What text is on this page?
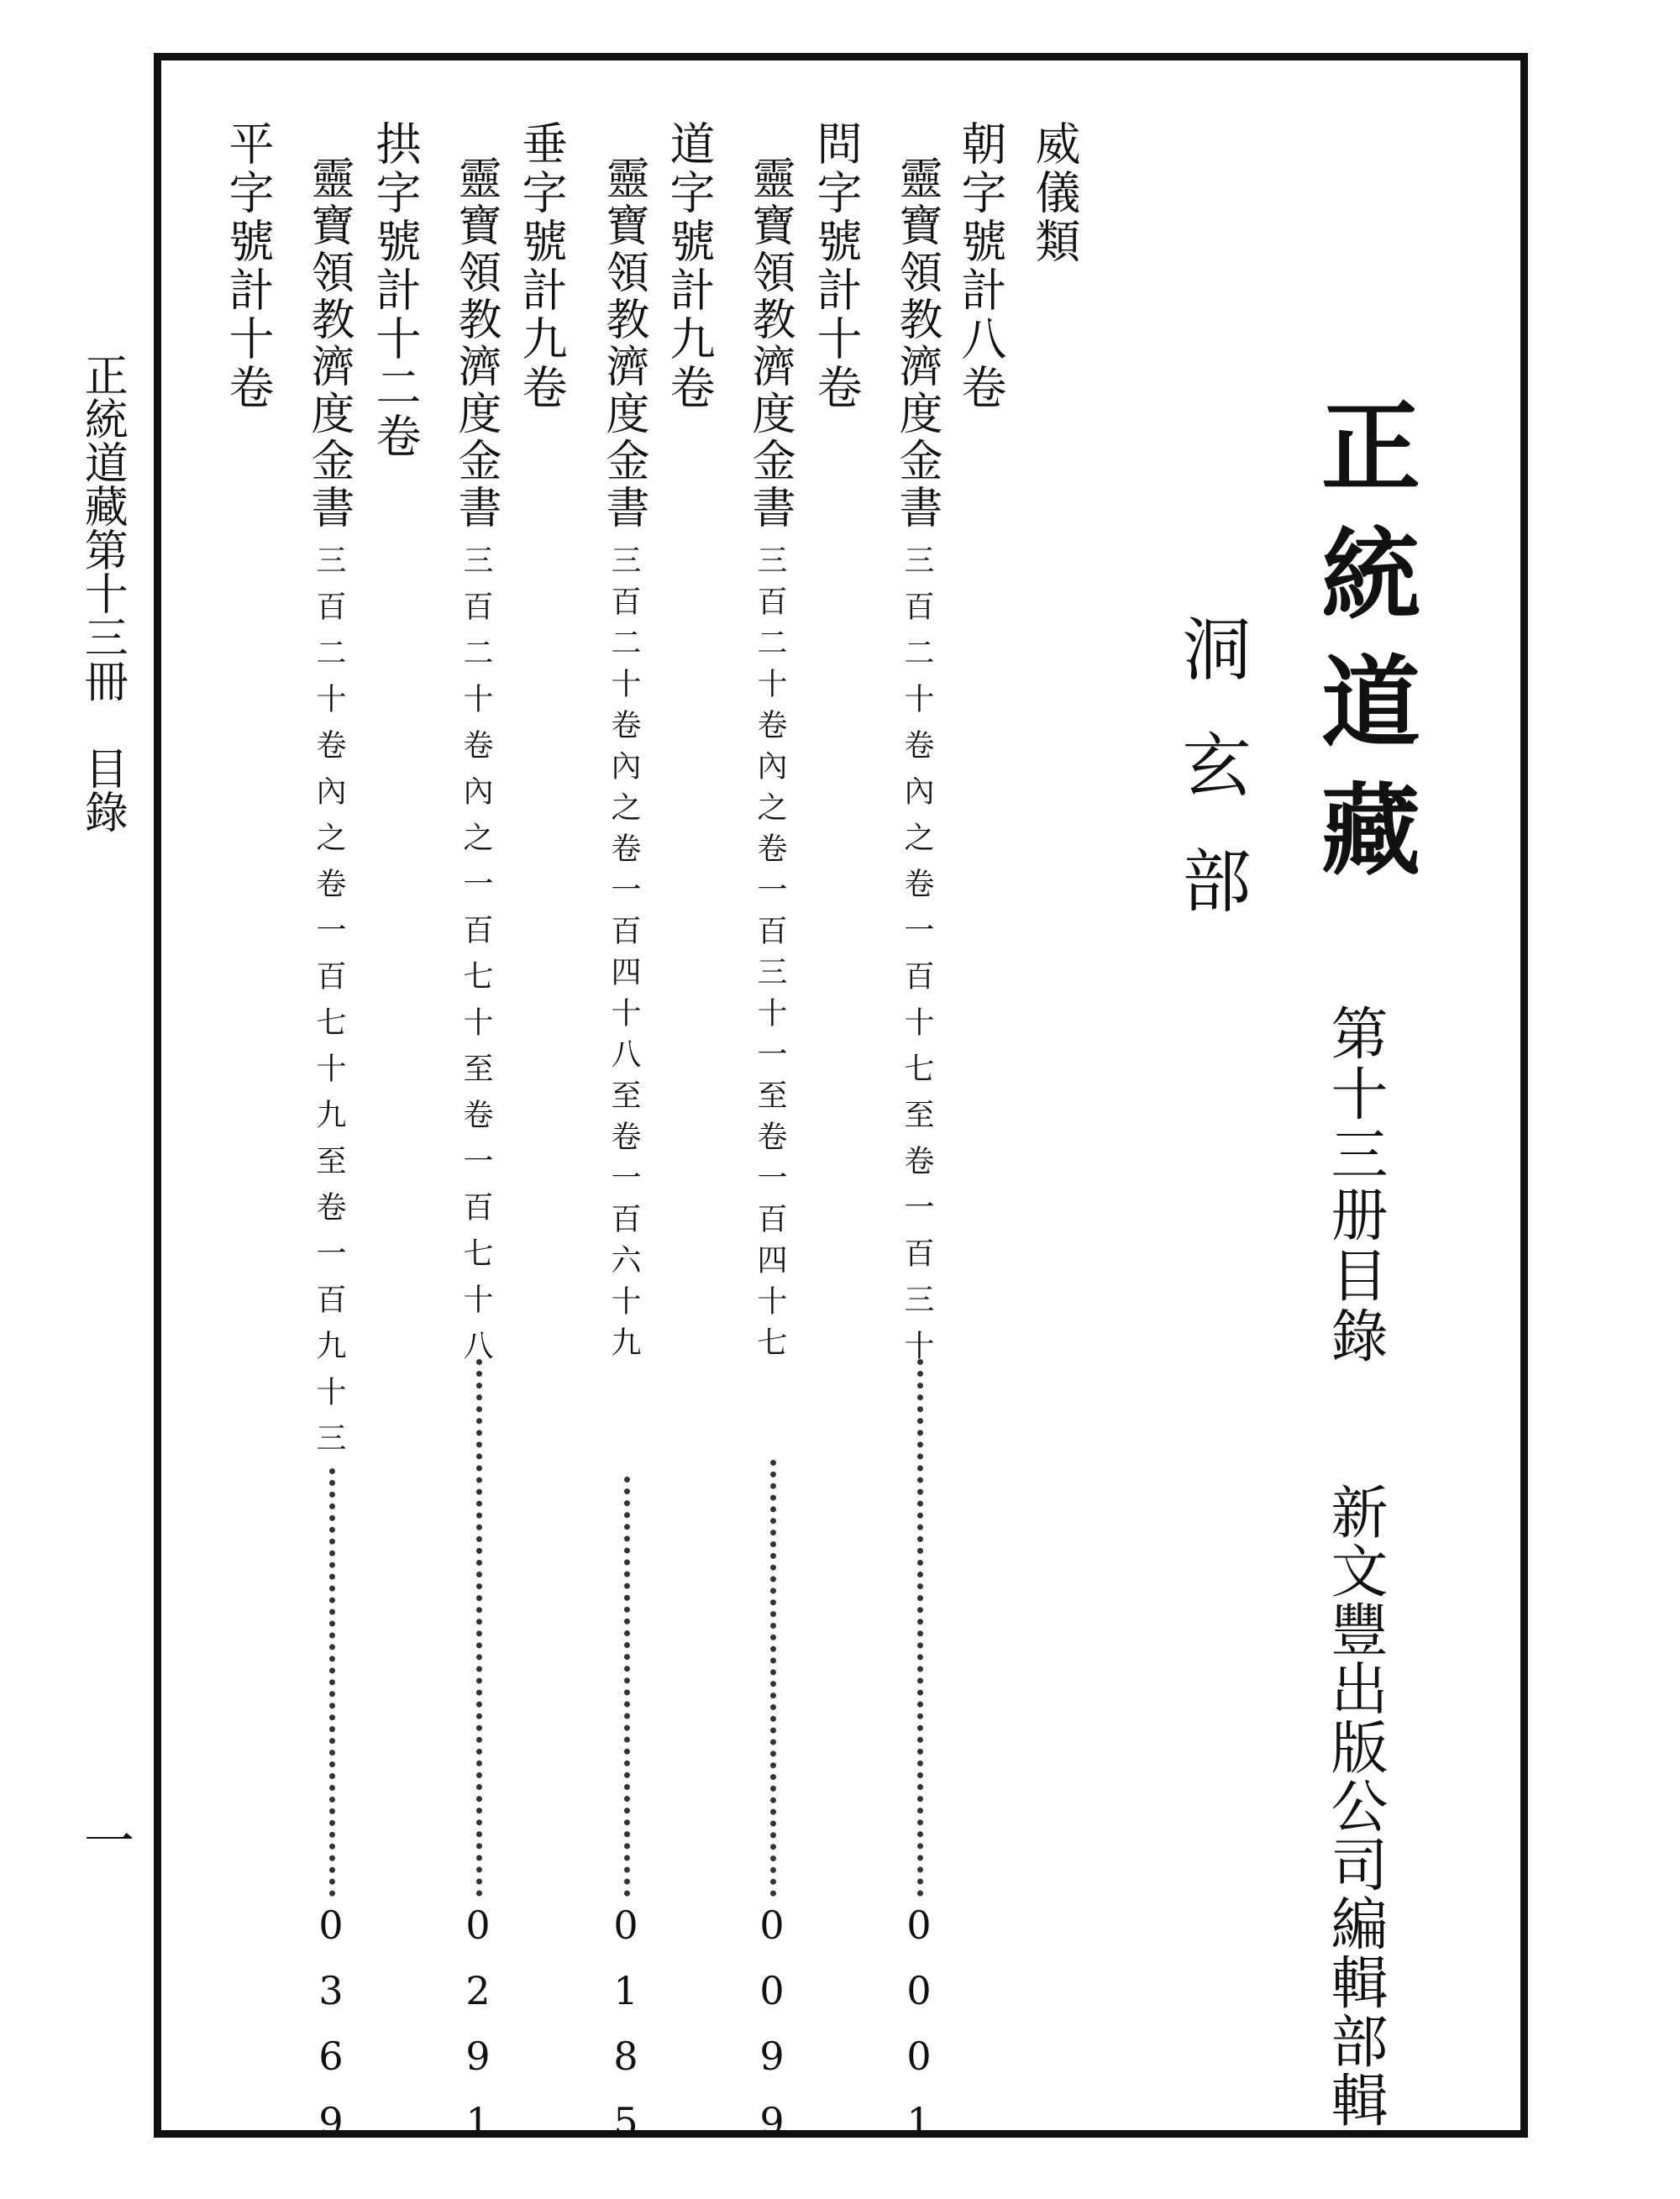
正統道藏第十三冊　目錄
一
正統道藏
洞玄部
第十三册目錄
新文豐出版公司編輯部輯
威儀類
朝字號計八卷
靈寶領教濟度金書
三百二十卷內之卷一百十七至卷一百三十
0001
問字號計十卷
靈寶領教濟度金書
三百二十卷內之卷一百三十一至卷一百四十七
0099
道字號計九卷
靈寶領教濟度金書
三百二十卷內之卷一百四十八至卷一百六十九
0185
垂字號計九卷
靈寶領教濟度金書
三百二十卷內之一百七十至卷一百七十八
0291
拱字號計十二卷
靈寶領教濟度金書
三百二十卷內之卷一百七十九至卷一百九十三
0369
平字號計十卷
